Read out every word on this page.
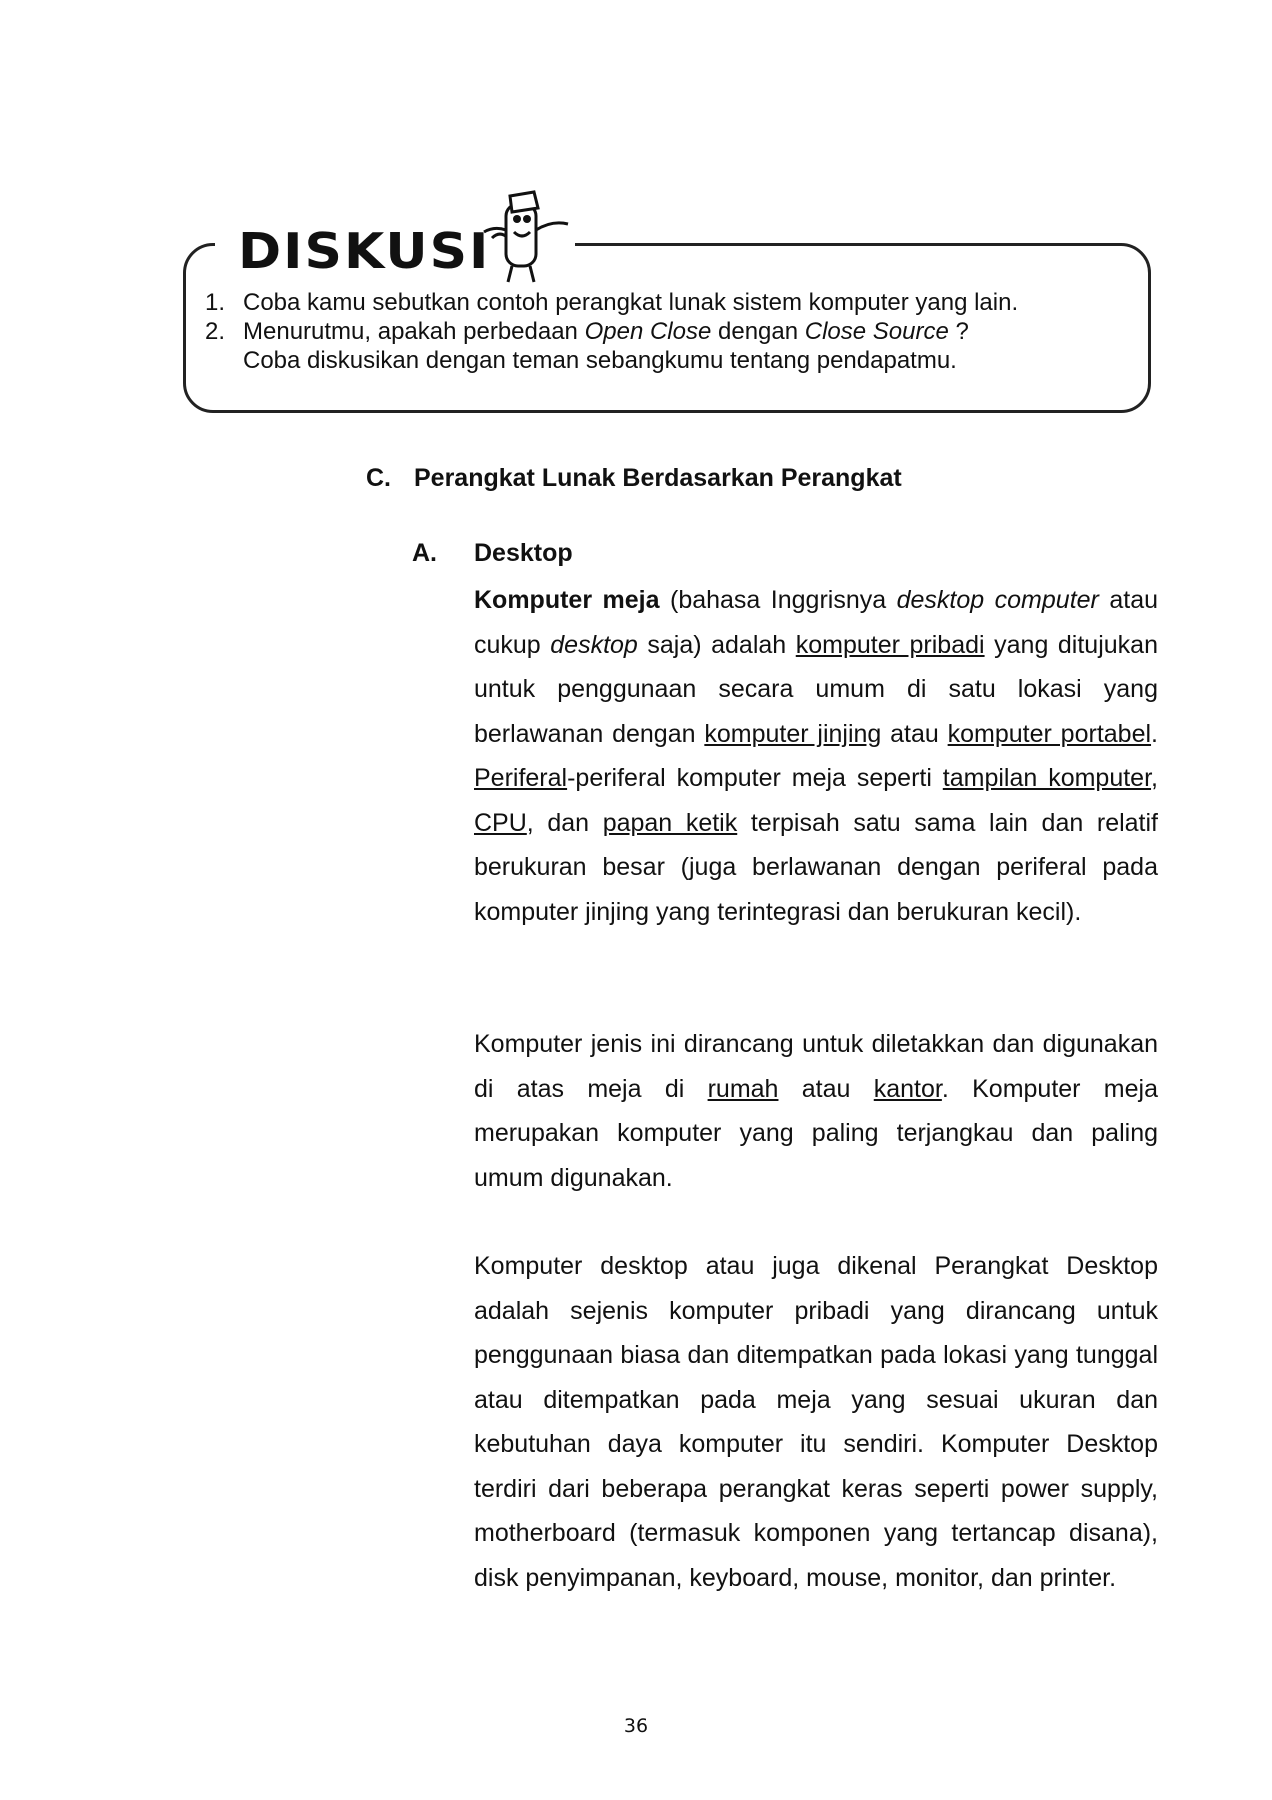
DISKUSI
1. Coba kamu sebutkan contoh perangkat lunak sistem komputer yang lain.
2. Menurutmu, apakah perbedaan Open Close dengan Close Source ?
Coba diskusikan dengan teman sebangkumu tentang pendapatmu.
C. Perangkat Lunak Berdasarkan Perangkat
A. Desktop
Komputer meja (bahasa Inggrisnya desktop computer atau cukup desktop saja) adalah komputer pribadi yang ditujukan untuk penggunaan secara umum di satu lokasi yang berlawanan dengan komputer jinjing atau komputer portabel. Periferal-periferal komputer meja seperti tampilan komputer, CPU, dan papan ketik terpisah satu sama lain dan relatif berukuran besar (juga berlawanan dengan periferal pada komputer jinjing yang terintegrasi dan berukuran kecil).
Komputer jenis ini dirancang untuk diletakkan dan digunakan di atas meja di rumah atau kantor. Komputer meja merupakan komputer yang paling terjangkau dan paling umum digunakan.
Komputer desktop atau juga dikenal Perangkat Desktop adalah sejenis komputer pribadi yang dirancang untuk penggunaan biasa dan ditempatkan pada lokasi yang tunggal atau ditempatkan pada meja yang sesuai ukuran dan kebutuhan daya komputer itu sendiri. Komputer Desktop terdiri dari beberapa perangkat keras seperti power supply, motherboard (termasuk komponen yang tertancap disana), disk penyimpanan, keyboard, mouse, monitor, dan printer.
36
